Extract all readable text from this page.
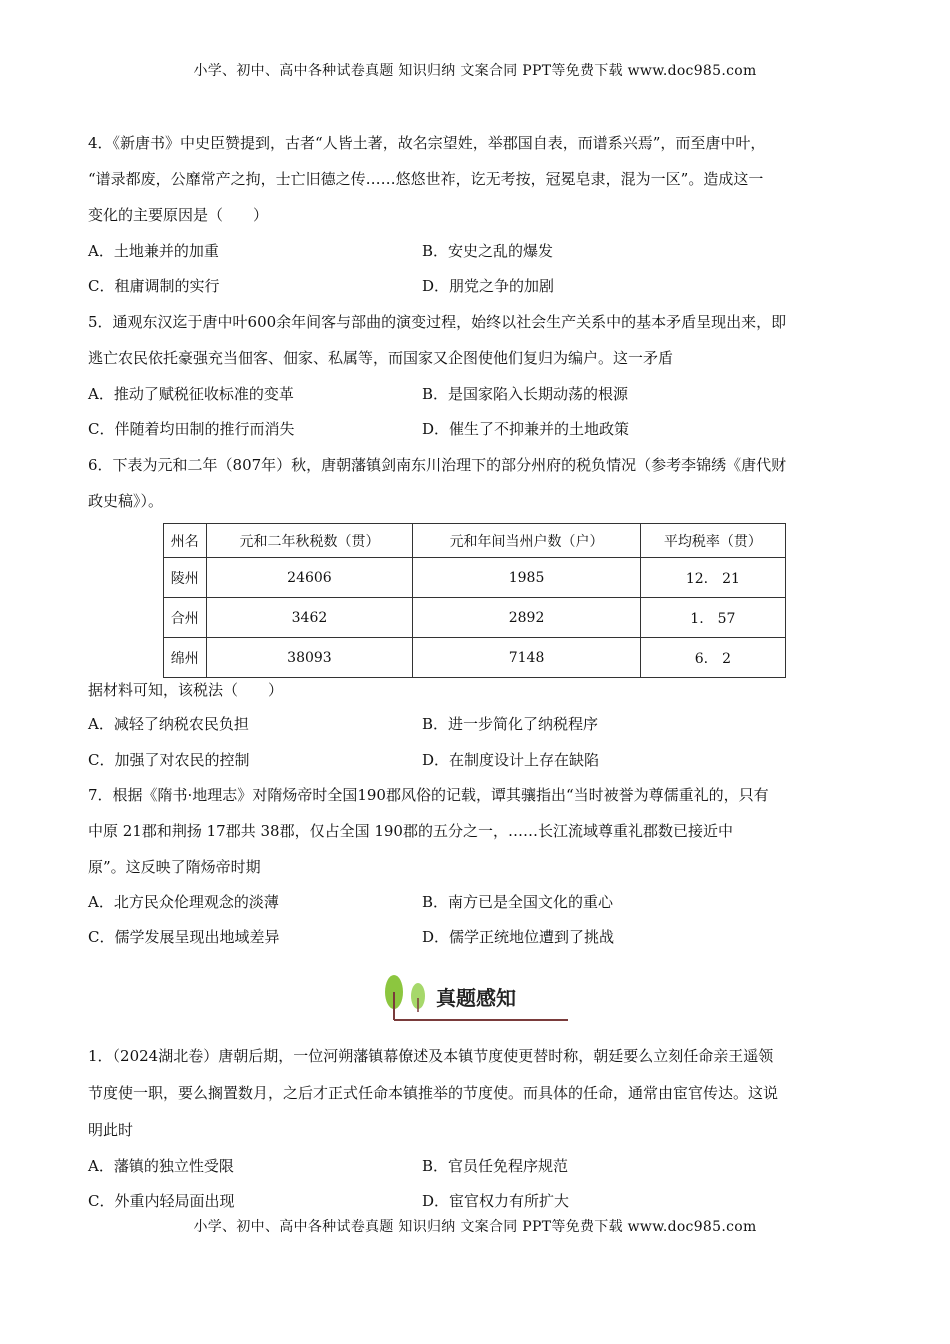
小学、初中、高中各种试卷真题 知识归纳 文案合同 PPT等免费下载 www.doc985.com
4．《新唐书》中史臣赞提到，古者“人皆土著，故名宗望姓，举郡国自表，而谱系兴焉”，而至唐中叶，
“谱录都废，公靡常产之拘，士亡旧德之传……悠悠世祚，讫无考按，冠冕皂隶，混为一区”。造成这一
变化的主要原因是（　　）
A．土地兼并的加重	B．安史之乱的爆发
C．租庸调制的实行	D．朋党之争的加剧
5．通观东汉迄于唐中叶600余年间客与部曲的演变过程，始终以社会生产关系中的基本矛盾呈现出来，即
逃亡农民依托豪强充当佃客、佃家、私属等，而国家又企图使他们复归为编户。这一矛盾
A．推动了赋税征收标准的变革	B．是国家陷入长期动荡的根源
C．伴随着均田制的推行而消失	D．催生了不抑兼并的土地政策
6．下表为元和二年（807年）秋，唐朝藩镇剑南东川治理下的部分州府的税负情况（参考李锦绣《唐代财
政史稿》）。
州名	元和二年秋税数（贯）	元和年间当州户数（户）	平均税率（贯）
陵州	24606	1985	12.　21
合州	3462	2892	1.　57
绵州	38093	7148	6.　2
据材料可知，该税法（　　）
A．减轻了纳税农民负担	B．进一步简化了纳税程序
C．加强了对农民的控制	D．在制度设计上存在缺陷
7．根据《隋书·地理志》对隋炀帝时全国190郡风俗的记载，谭其骧指出“当时被誉为尊儒重礼的，只有
中原 21郡和荆扬 17郡共 38郡，仅占全国 190郡的五分之一，……长江流域尊重礼郡数已接近中
原”。这反映了隋炀帝时期
A．北方民众伦理观念的淡薄	B．南方已是全国文化的重心
C．儒学发展呈现出地域差异	D．儒学正统地位遭到了挑战
真题感知
1．（2024湖北卷）唐朝后期，一位河朔藩镇幕僚述及本镇节度使更替时称，朝廷要么立刻任命亲王遥领
节度使一职，要么搁置数月，之后才正式任命本镇推举的节度使。而具体的任命，通常由宦官传达。这说
明此时
A．藩镇的独立性受限	B．官员任免程序规范
C．外重内轻局面出现	D．宦官权力有所扩大
小学、初中、高中各种试卷真题 知识归纳 文案合同 PPT等免费下载 www.doc985.com
